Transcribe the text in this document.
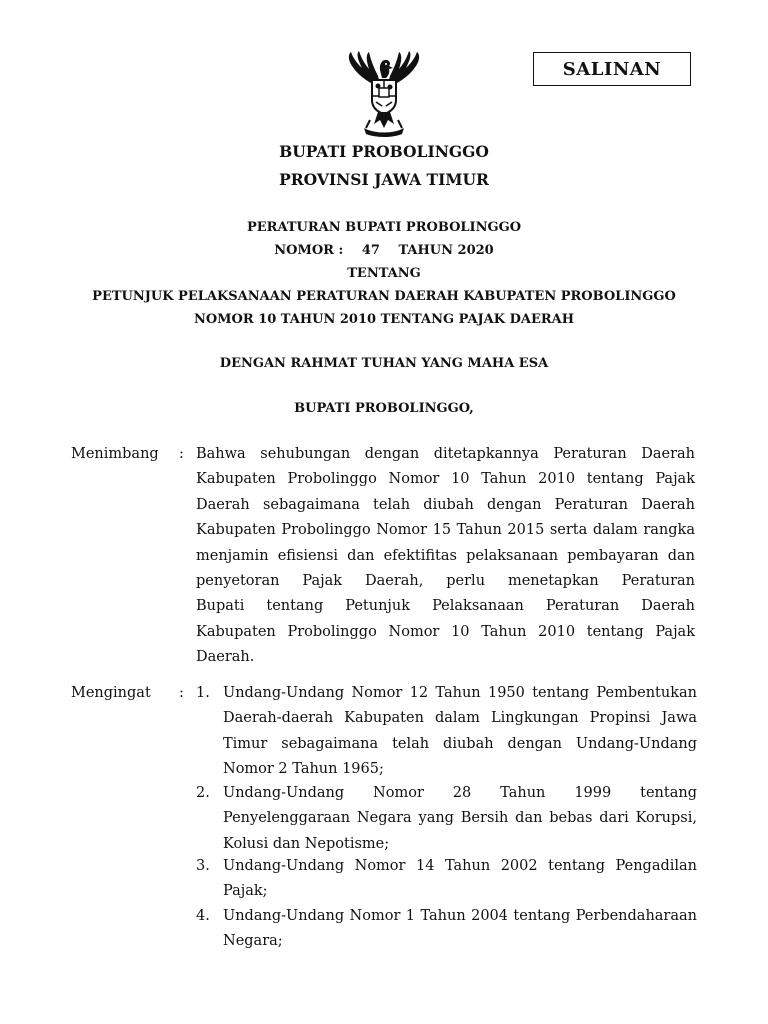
SALINAN
BUPATI PROBOLINGGO
PROVINSI JAWA TIMUR
PERATURAN BUPATI PROBOLINGGO
NOMOR : 47 TAHUN 2020
TENTANG
PETUNJUK PELAKSANAAN PERATURAN DAERAH KABUPATEN PROBOLINGGO
NOMOR 10 TAHUN 2010 TENTANG PAJAK DAERAH
DENGAN RAHMAT TUHAN YANG MAHA ESA
BUPATI PROBOLINGGO,
Menimbang : Bahwa sehubungan dengan ditetapkannya Peraturan Daerah
Kabupaten Probolinggo Nomor 10 Tahun 2010 tentang Pajak
Daerah sebagaimana telah diubah dengan Peraturan Daerah
Kabupaten Probolinggo Nomor 15 Tahun 2015 serta dalam rangka
menjamin efisiensi dan efektifitas pelaksanaan pembayaran dan
penyetoran Pajak Daerah, perlu menetapkan Peraturan
Bupati tentang Petunjuk Pelaksanaan Peraturan Daerah
Kabupaten Probolinggo Nomor 10 Tahun 2010 tentang Pajak
Daerah.
Mengingat : 1. Undang-Undang Nomor 12 Tahun 1950 tentang Pembentukan
Daerah-daerah Kabupaten dalam Lingkungan Propinsi Jawa
Timur sebagaimana telah diubah dengan Undang-Undang
Nomor 2 Tahun 1965;
2. Undang-Undang Nomor 28 Tahun 1999 tentang
Penyelenggaraan Negara yang Bersih dan bebas dari Korupsi,
Kolusi dan Nepotisme;
3. Undang-Undang Nomor 14 Tahun 2002 tentang Pengadilan
Pajak;
4. Undang-Undang Nomor 1 Tahun 2004 tentang Perbendaharaan
Negara;
